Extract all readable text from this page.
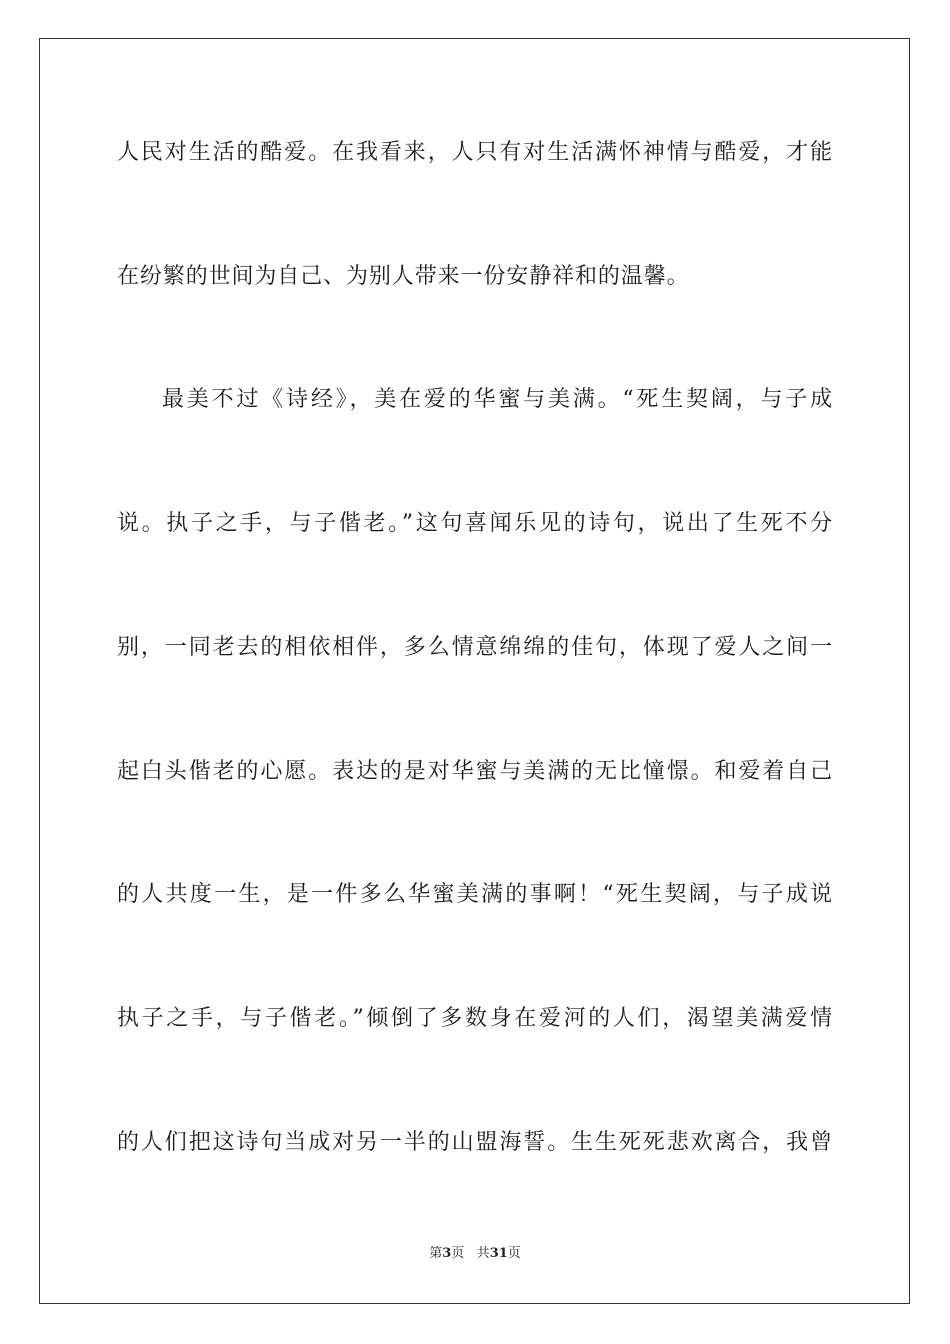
人民对生活的酷爱。在我看来，人只有对生活满怀神情与酷爱，才能
在纷繁的世间为自己、为别人带来一份安静祥和的温馨。
最美不过《诗经》，美在爱的华蜜与美满。“死生契阔，与子成
说。执子之手，与子偕老。”这句喜闻乐见的诗句，说出了生死不分
别，一同老去的相依相伴，多么情意绵绵的佳句，体现了爱人之间一
起白头偕老的心愿。表达的是对华蜜与美满的无比憧憬。和爱着自己
的人共度一生，是一件多么华蜜美满的事啊！“死生契阔，与子成说
执子之手，与子偕老。”倾倒了多数身在爱河的人们，渴望美满爱情
的人们把这诗句当成对另一半的山盟海誓。生生死死悲欢离合，我曾
第3页 共31页
